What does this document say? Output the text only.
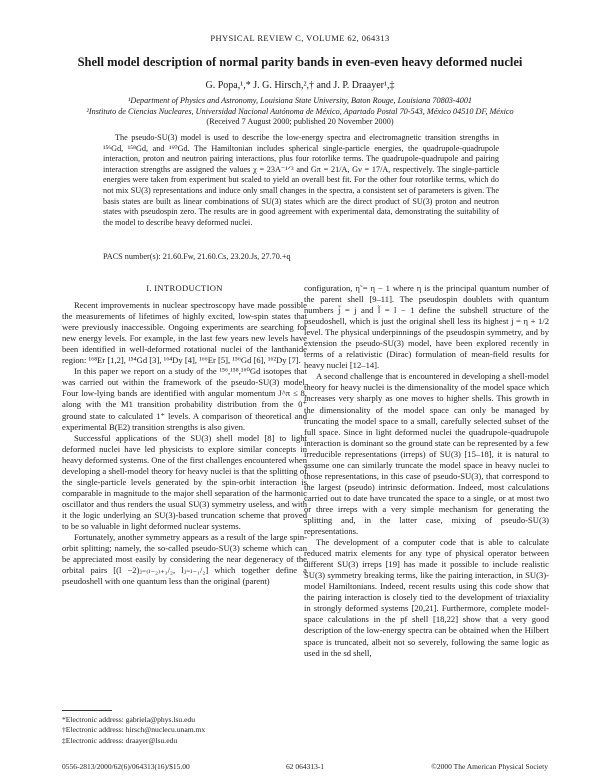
PHYSICAL REVIEW C, VOLUME 62, 064313
Shell model description of normal parity bands in even-even heavy deformed nuclei
G. Popa,¹,* J. G. Hirsch,²,† and J. P. Draayer¹,‡
¹Department of Physics and Astronomy, Louisiana State University, Baton Rouge, Louisiana 70803-4001
²Instituto de Ciencias Nucleares, Universidad Nacional Autónoma de México, Apartado Postal 70-543, México 04510 DF, México
(Received 7 August 2000; published 20 November 2000)

The pseudo-SU(3) model is used to describe the low-energy spectra and electromagnetic transition strengths in ¹⁵⁶Gd, ¹⁵⁸Gd, and ¹⁶⁰Gd. The Hamiltonian includes spherical single-particle energies, the quadrupole-quadrupole interaction, proton and neutron pairing interactions, plus four rotorlike terms. The quadrupole-quadrupole and pairing interaction strengths are assigned the values χ = 23A⁻¹ᐟ³ and Gπ = 21/A, Gν = 17/A, respectively. The single-particle energies were taken from experiment but scaled to yield an overall best fit. For the other four rotorlike terms, which do not mix SU(3) representations and induce only small changes in the spectra, a consistent set of parameters is given. The basis states are built as linear combinations of SU(3) states which are the direct product of SU(3) proton and neutron states with pseudospin zero. The results are in good agreement with experimental data, demonstrating the suitability of the model to describe heavy deformed nuclei.

PACS number(s): 21.60.Fw, 21.60.Cs, 23.20.Js, 27.70.+q
I. INTRODUCTION

Recent improvements in nuclear spectroscopy have made possible the measurements of lifetimes of highly excited, low-spin states that were previously inaccessible. Ongoing experiments are searching for new energy levels. For example, in the last few years new levels have been identified in well-deformed rotational nuclei of the lanthanide region: ¹⁶⁸Er [1,2], ¹⁵⁴Gd [3], ¹⁶⁴Dy [4], ¹⁶⁶Er [5], ¹⁵⁶Gd [6], ¹⁶²Dy [7].

In this paper we report on a study of the ¹⁵⁶,¹⁵⁸,¹⁶⁰Gd isotopes that was carried out within the framework of the pseudo-SU(3) model. Four low-lying bands are identified with angular momentum J^π ≤ 8, along with the M1 transition probability distribution from the 0⁺ ground state to calculated 1⁺ levels. A comparison of theoretical and experimental B(E2) transition strengths is also given.

Successful applications of the SU(3) shell model [8] to light deformed nuclei have led physicists to explore similar concepts in heavy deformed systems. One of the first challenges encountered when developing a shell-model theory for heavy nuclei is that the splitting of the single-particle levels generated by the spin-orbit interaction is comparable in magnitude to the major shell separation of the harmonic oscillator and thus renders the usual SU(3) symmetry useless, and with it the logic underlying an SU(3)-based truncation scheme that proved to be so valuable in light deformed nuclear systems.

Fortunately, another symmetry appears as a result of the large spin-orbit splitting; namely, the so-called pseudo-SU(3) scheme which can be appreciated most easily by considering the near degeneracy of the orbital pairs [(l −2)ⱼ₌₍ₗ₋₂₎₊₁/₂, lⱼ₌ₗ₋₁/₂] which together define a pseudoshell with one quantum less than the original (parent)

configuration, η̃ = η − 1 where η is the principal quantum number of the parent shell [9–11]. The pseudospin doublets with quantum numbers j̃ = j and l̃ = l − 1 define the subshell structure of the pseudoshell, which is just the original shell less its highest j = η + 1/2 level. The physical underpinnings of the pseudospin symmetry, and by extension the pseudo-SU(3) model, have been explored recently in terms of a relativistic (Dirac) formulation of mean-field results for heavy nuclei [12–14].

A second challenge that is encountered in developing a shell-model theory for heavy nuclei is the dimensionality of the model space which increases very sharply as one moves to higher shells. This growth in the dimensionality of the model space can only be managed by truncating the model space to a small, carefully selected subset of the full space. Since in light deformed nuclei the quadrupole-quadrupole interaction is dominant so the ground state can be represented by a few irreducible representations (irreps) of SU(3) [15–18], it is natural to assume one can similarly truncate the model space in heavy nuclei to those representations, in this case of pseudo-SU(3), that correspond to the largest (pseudo) intrinsic deformation. Indeed, most calculations carried out to date have truncated the space to a single, or at most two or three irreps with a very simple mechanism for generating the splitting and, in the latter case, mixing of pseudo-SU(3) representations.

The development of a computer code that is able to calculate reduced matrix elements for any type of physical operator between different SU(3) irreps [19] has made it possible to include realistic SU(3) symmetry breaking terms, like the pairing interaction, in SU(3)-model Hamiltonians. Indeed, recent results using this code show that the pairing interaction is closely tied to the development of triaxiality in strongly deformed systems [20,21]. Furthermore, complete model-space calculations in the pf shell [18,22] show that a very good description of the low-energy spectra can be obtained when the Hilbert space is truncated, albeit not so severely, following the same logic as used in the sd shell,

*Electronic address: gabriela@phys.lsu.edu
†Electronic address: hirsch@nuclecu.unam.mx
‡Electronic address: draayer@lsu.edu
0556-2813/2000/62(6)/064313(16)/$15.00	62 064313-1	©2000 The American Physical Society
